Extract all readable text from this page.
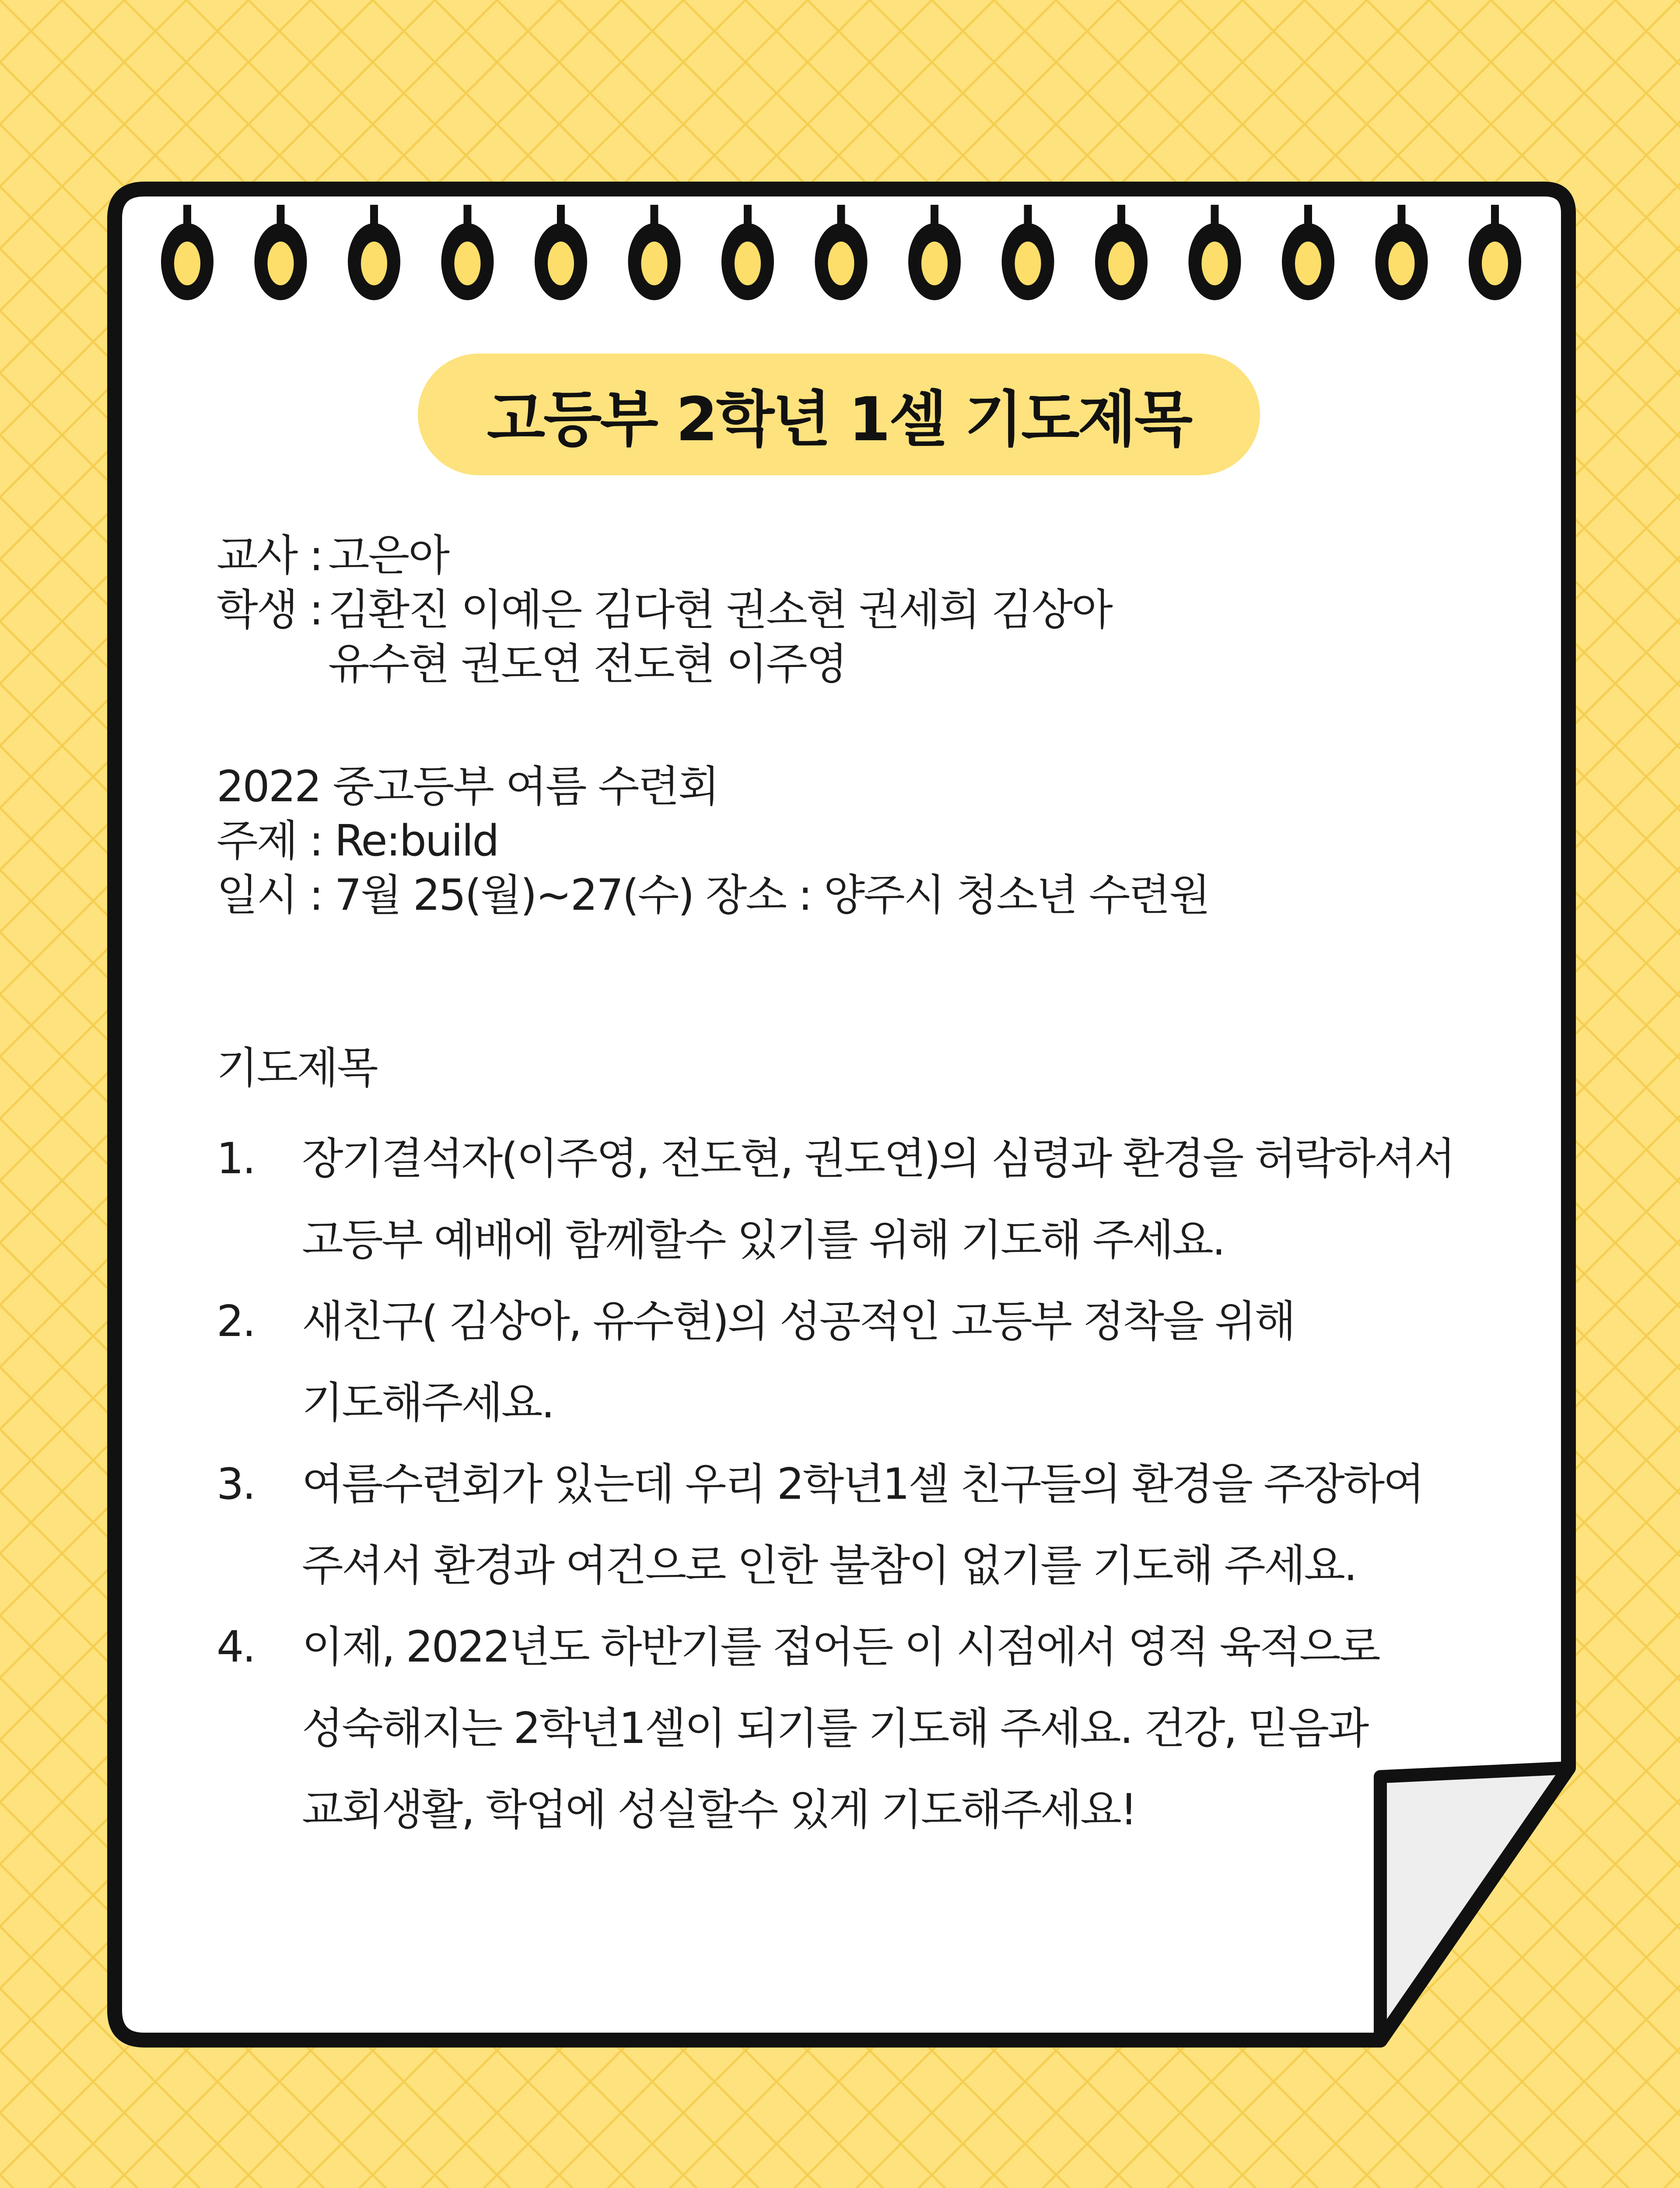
고등부 2학년 1셀 기도제목
교사 : 고은아
학생 : 김환진 이예은 김다현 권소현 권세희 김상아
유수현 권도연 전도현 이주영
2022 중고등부 여름 수련회
주제 : Re:build
일시 : 7월 25(월)~27(수) 장소 : 양주시 청소년 수련원
기도제목
1.	장기결석자(이주영, 전도현, 권도연)의 심령과 환경을 허락하셔서
고등부 예배에 함께할수 있기를 위해 기도해 주세요.
2.	새친구( 김상아, 유수현)의 성공적인 고등부 정착을 위해
기도해주세요.
3.	여름수련회가 있는데 우리 2학년1셀 친구들의 환경을 주장하여
주셔서 환경과 여건으로 인한 불참이 없기를 기도해 주세요.
4.	이제, 2022년도 하반기를 접어든 이 시점에서 영적 육적으로
성숙해지는 2학년1셀이 되기를 기도해 주세요. 건강, 믿음과
교회생활, 학업에 성실할수 있게 기도해주세요!
